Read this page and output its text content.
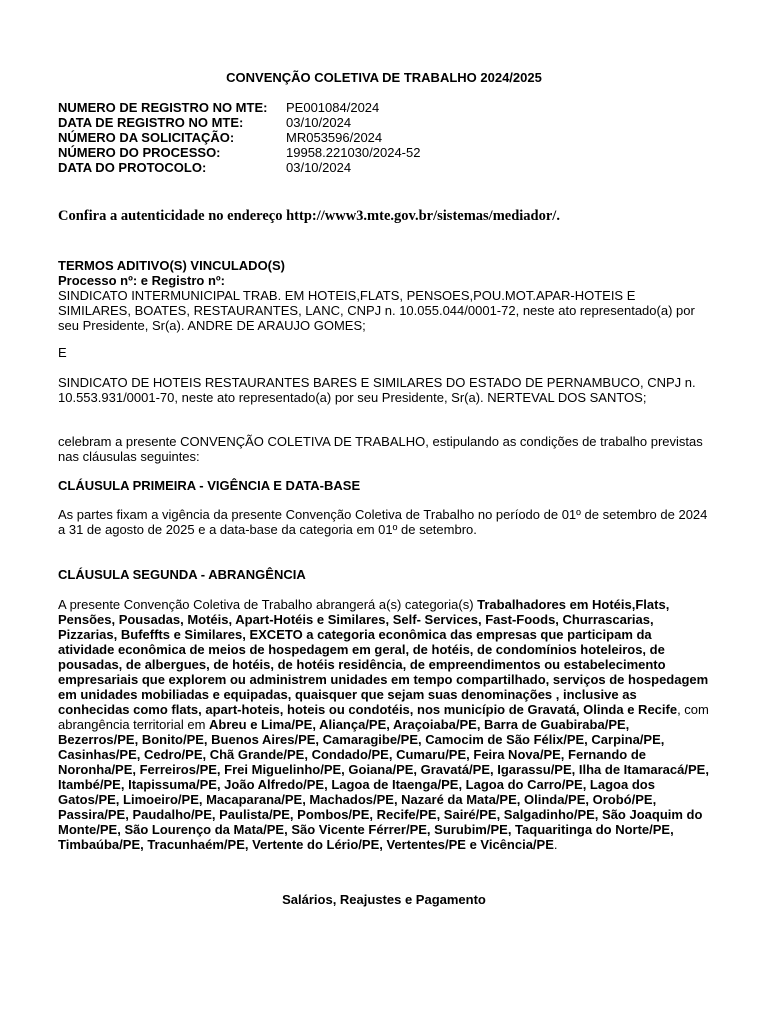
CONVENÇÃO COLETIVA DE TRABALHO 2024/2025
NUMERO DE REGISTRO NO MTE:	PE001084/2024
DATA DE REGISTRO NO MTE:	03/10/2024
NÚMERO DA SOLICITAÇÃO:	MR053596/2024
NÚMERO DO PROCESSO:	19958.221030/2024-52
DATA DO PROTOCOLO:	03/10/2024
Confira a autenticidade no endereço http://www3.mte.gov.br/sistemas/mediador/.
TERMOS ADITIVO(S) VINCULADO(S)
Processo nº: e Registro nº:
SINDICATO INTERMUNICIPAL TRAB. EM HOTEIS,FLATS, PENSOES,POU.MOT.APAR-HOTEIS E SIMILARES, BOATES, RESTAURANTES, LANC, CNPJ n. 10.055.044/0001-72, neste ato representado(a) por seu Presidente, Sr(a). ANDRE DE ARAUJO GOMES;
E
SINDICATO DE HOTEIS RESTAURANTES BARES E SIMILARES DO ESTADO DE PERNAMBUCO, CNPJ n. 10.553.931/0001-70, neste ato representado(a) por seu Presidente, Sr(a). NERTEVAL DOS SANTOS;
celebram a presente CONVENÇÃO COLETIVA DE TRABALHO, estipulando as condições de trabalho previstas nas cláusulas seguintes:
CLÁUSULA PRIMEIRA - VIGÊNCIA E DATA-BASE
As partes fixam a vigência da presente Convenção Coletiva de Trabalho no período de 01º de setembro de 2024 a 31 de agosto de 2025 e a data-base da categoria em 01º de setembro.
CLÁUSULA SEGUNDA - ABRANGÊNCIA
A presente Convenção Coletiva de Trabalho abrangerá a(s) categoria(s) Trabalhadores em Hotéis,Flats, Pensões, Pousadas, Motéis, Apart-Hotéis e Similares, Self- Services, Fast-Foods, Churrascarias, Pizzarias, Bufeffts e Similares, EXCETO a categoria econômica das empresas que participam da atividade econômica de meios de hospedagem em geral, de hotéis, de condomínios hoteleiros, de pousadas, de albergues, de hotéis, de hotéis residência, de empreendimentos ou estabelecimento empresariais que explorem ou administrem unidades em tempo compartilhado, serviços de hospedagem em unidades mobiliadas e equipadas, quaisquer que sejam suas denominações , inclusive as conhecidas como flats, apart-hoteis, hoteis ou condotéis, nos município de Gravatá, Olinda e Recife, com abrangência territorial em Abreu e Lima/PE, Aliança/PE, Araçoiaba/PE, Barra de Guabiraba/PE, Bezerros/PE, Bonito/PE, Buenos Aires/PE, Camaragibe/PE, Camocim de São Félix/PE, Carpina/PE, Casinhas/PE, Cedro/PE, Chã Grande/PE, Condado/PE, Cumaru/PE, Feira Nova/PE, Fernando de Noronha/PE, Ferreiros/PE, Frei Miguelinho/PE, Goiana/PE, Gravatá/PE, Igarassu/PE, Ilha de Itamaracá/PE, Itambé/PE, Itapissuma/PE, João Alfredo/PE, Lagoa de Itaenga/PE, Lagoa do Carro/PE, Lagoa dos Gatos/PE, Limoeiro/PE, Macaparana/PE, Machados/PE, Nazaré da Mata/PE, Olinda/PE, Orobó/PE, Passira/PE, Paudalho/PE, Paulista/PE, Pombos/PE, Recife/PE, Sairé/PE, Salgadinho/PE, São Joaquim do Monte/PE, São Lourenço da Mata/PE, São Vicente Férrer/PE, Surubim/PE, Taquaritinga do Norte/PE, Timbaúba/PE, Tracunhaém/PE, Vertente do Lério/PE, Vertentes/PE e Vicência/PE.
Salários, Reajustes e Pagamento
